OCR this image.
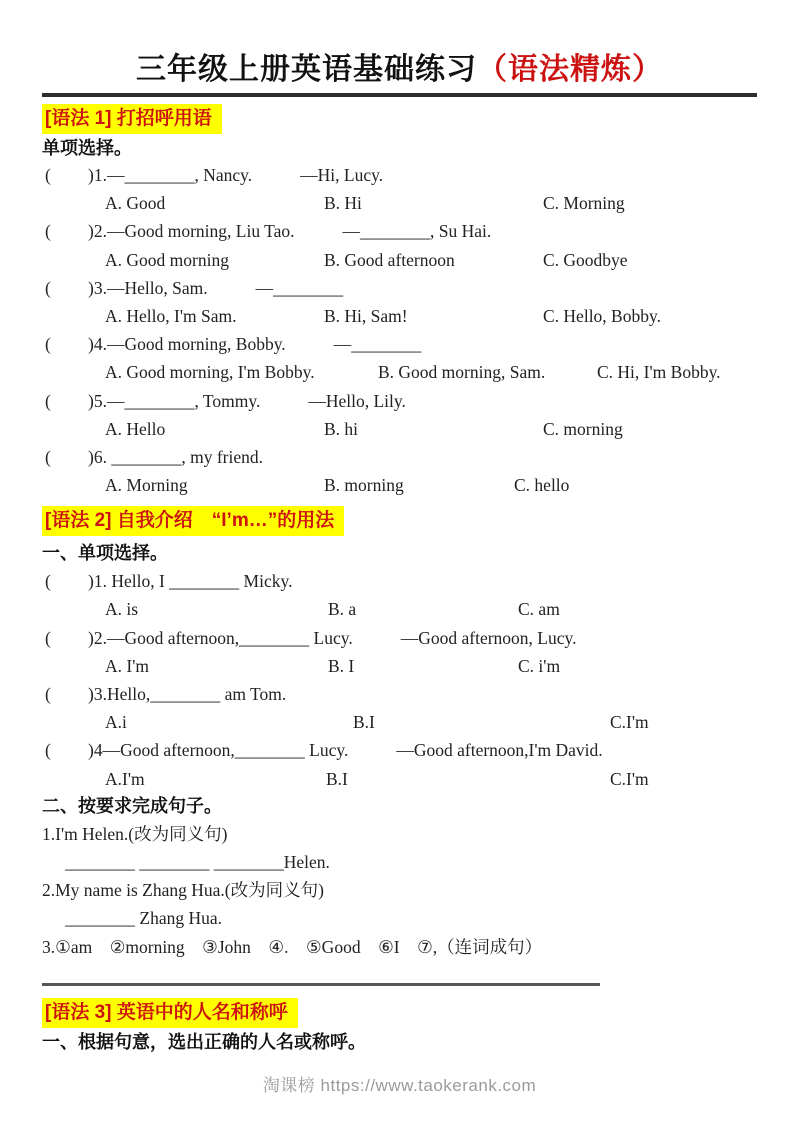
三年级上册英语基础练习（语法精炼）
[语法 1] 打招呼用语
单项选择。
( )1.—________, Nancy.	—Hi, Lucy.
A. Good	B. Hi	C. Morning
( )2.—Good morning, Liu Tao.	—________, Su Hai.
A. Good morning	B. Good afternoon	C. Goodbye
( )3.—Hello, Sam.	—________
A. Hello, I'm Sam.	B. Hi, Sam!	C. Hello, Bobby.
( )4.—Good morning, Bobby.	—________
A. Good morning, I'm Bobby.	B. Good morning, Sam.	C. Hi, I'm Bobby.
( )5.—________, Tommy.	—Hello, Lily.
A. Hello	B. hi	C. morning
( )6. ________, my friend.
A. Morning	B. morning	C. hello
[语法 2] 自我介绍　“I’m…”的用法
一、单项选择。
( )1. Hello, I ________ Micky.
A. is	B. a	C. am
( )2.—Good afternoon,________ Lucy.	—Good afternoon, Lucy.
A. I'm	B. I	C. i'm
( )3.Hello,________ am Tom.
A.i	B.I	C.I'm
( )4—Good afternoon,________ Lucy.	—Good afternoon,I'm David.
A.I'm	B.I	C.I'm
二、按要求完成句子。
1.I'm Helen.(改为同义句)
________ ________ ________Helen.
2.My name is Zhang Hua.(改为同义句)
________ Zhang Hua.
3.①am　②morning　③John　④.　⑤Good　⑥I　⑦,（连词成句）
[语法 3] 英语中的人名和称呼
一、根据句意，选出正确的人名或称呼。
淘课榜 https://www.taokerank.com
